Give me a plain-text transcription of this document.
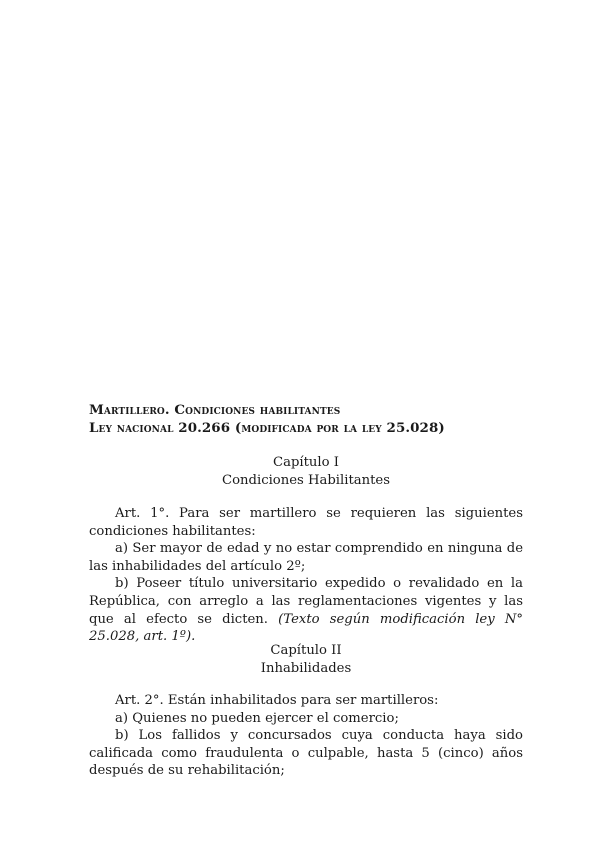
Martillero. Condiciones habilitantes
Ley nacional 20.266 (modificada por la ley 25.028)
Capítulo I
Condiciones Habilitantes

Art. 1°. Para ser martillero se requieren las siguientes condiciones habilitantes:

a) Ser mayor de edad y no estar comprendido en ninguna de las inhabilidades del artículo 2º;

b) Poseer título universitario expedido o revalidado en la República, con arreglo a las reglamentaciones vigentes y las que al efecto se dicten. (Texto según modificación ley N° 25.028, art. 1º).

Capítulo II
Inhabilidades

Art. 2°. Están inhabilitados para ser martilleros:

a) Quienes no pueden ejercer el comercio;

b) Los fallidos y concursados cuya conducta haya sido calificada como fraudulenta o culpable, hasta 5 (cinco) años después de su rehabilitación;
